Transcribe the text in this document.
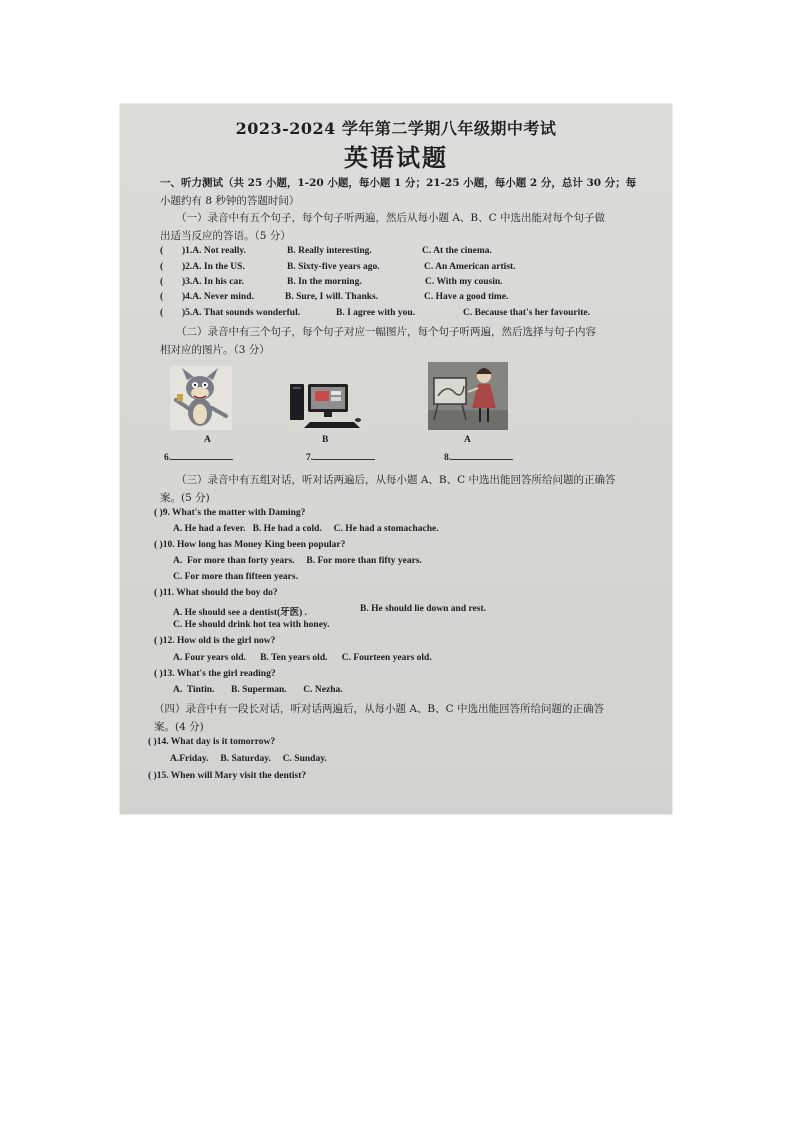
2023-2024 学年第二学期八年级期中考试
英语试题
一、听力测试（共 25 小题，1-20 小题，每小题 1 分；21-25 小题，每小题 2 分，总计 30 分；每
小题约有 8 秒钟的答题时间）
（一）录音中有五个句子，每个句子听两遍，然后从每小题 A、B、C 中选出能对每个句子做
出适当反应的答语。（5 分）
( )1.A. Not really.	B. Really interesting.	C. At the cinema.
( )2.A. In the US.	B. Sixty-five years ago.	C. An American artist.
( )3.A. In his car.	B. In the morning.	C. With my cousin.
( )4.A. Never mind.	B. Sure, I will. Thanks.	C. Have a good time.
( )5.A. That sounds wonderful.	B. I agree with you.	C. Because that's her favourite.
（二）录音中有三个句子，每个句子对应一幅图片，每个句子听两遍，然后选择与句子内容
相对应的图片。（3 分）
A	B	A
6.	7.	8.
（三）录音中有五组对话，听对话两遍后，从每小题 A、B、C 中选出能回答所给问题的正确答
案。(5 分)
( )9. What's the matter with Daming?
A. He had a fever.   B. He had a cold.     C. He had a stomachache.
( )10. How long has Money King been popular?
A.  For more than forty years.     B. For more than fifty years.
C. For more than fifteen years.
( )11. What should the boy do?
A. He should see a dentist(牙医) .	B. He should lie down and rest.
C. He should drink hot tea with honey.
( )12. How old is the girl now?
A. Four years old.      B. Ten years old.      C. Fourteen years old.
( )13. What's the girl reading?
A.  Tintin.       B. Superman.       C. Nezha.
（四）录音中有一段长对话，听对话两遍后，从每小题 A、B、C 中选出能回答所给问题的正确答
案。(4 分)
( )14. What day is it tomorrow?
A.Friday.     B. Saturday.     C. Sunday.
( )15. When will Mary visit the dentist?
